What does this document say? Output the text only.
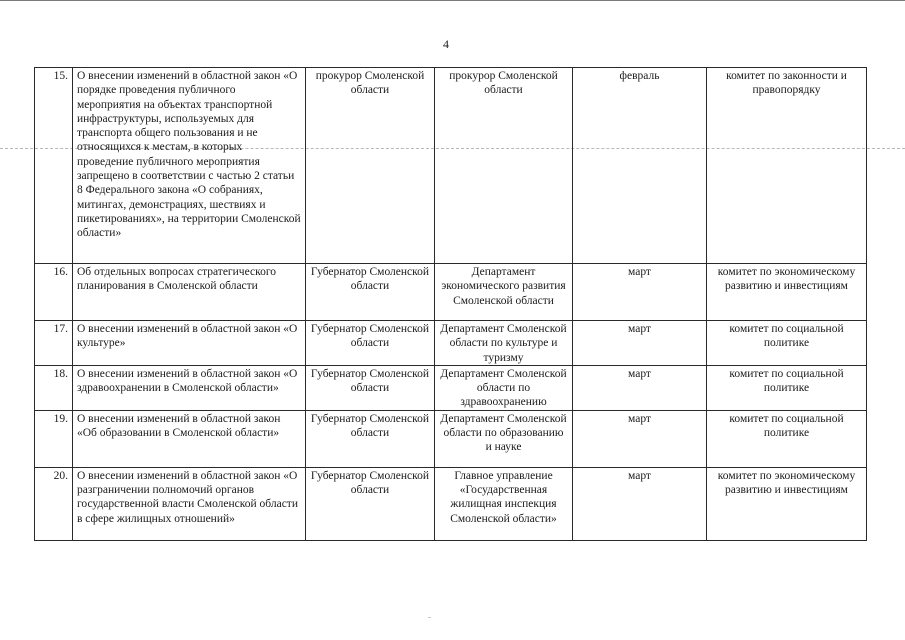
4
15.	О внесении изменений в областной закон «О порядке проведения публичного мероприятия на объектах транспортной инфраструктуры, используемых для транспорта общего пользования и не относящихся к местам, в которых проведение публичного мероприятия запрещено в соответствии с частью 2 статьи 8 Федерального закона «О собраниях, митингах, демонстрациях, шествиях и пикетированиях», на территории Смоленской области»	прокурор Смоленской области	прокурор Смоленской области	февраль	комитет по законности и правопорядку
16.	Об отдельных вопросах стратегического планирования в Смоленской области	Губернатор Смоленской области	Департамент экономического развития Смоленской области	март	комитет по экономическому развитию и инвестициям
17.	О внесении изменений в областной закон «О культуре»	Губернатор Смоленской области	Департамент Смоленской области по культуре и туризму	март	комитет по социальной политике
18.	О внесении изменений в областной закон «О здравоохранении в Смоленской области»	Губернатор Смоленской области	Департамент Смоленской области по здравоохранению	март	комитет по социальной политике
19.	О внесении изменений в областной закон «Об образовании в Смоленской области»	Губернатор Смоленской области	Департамент Смоленской области по образованию и науке	март	комитет по социальной политике
20.	О внесении изменений в областной закон «О разграничении полномочий органов государственной власти Смоленской области в сфере жилищных отношений»	Губернатор Смоленской области	Главное управление «Государственная жилищная инспекция Смоленской области»	март	комитет по экономическому развитию и инвестициям
